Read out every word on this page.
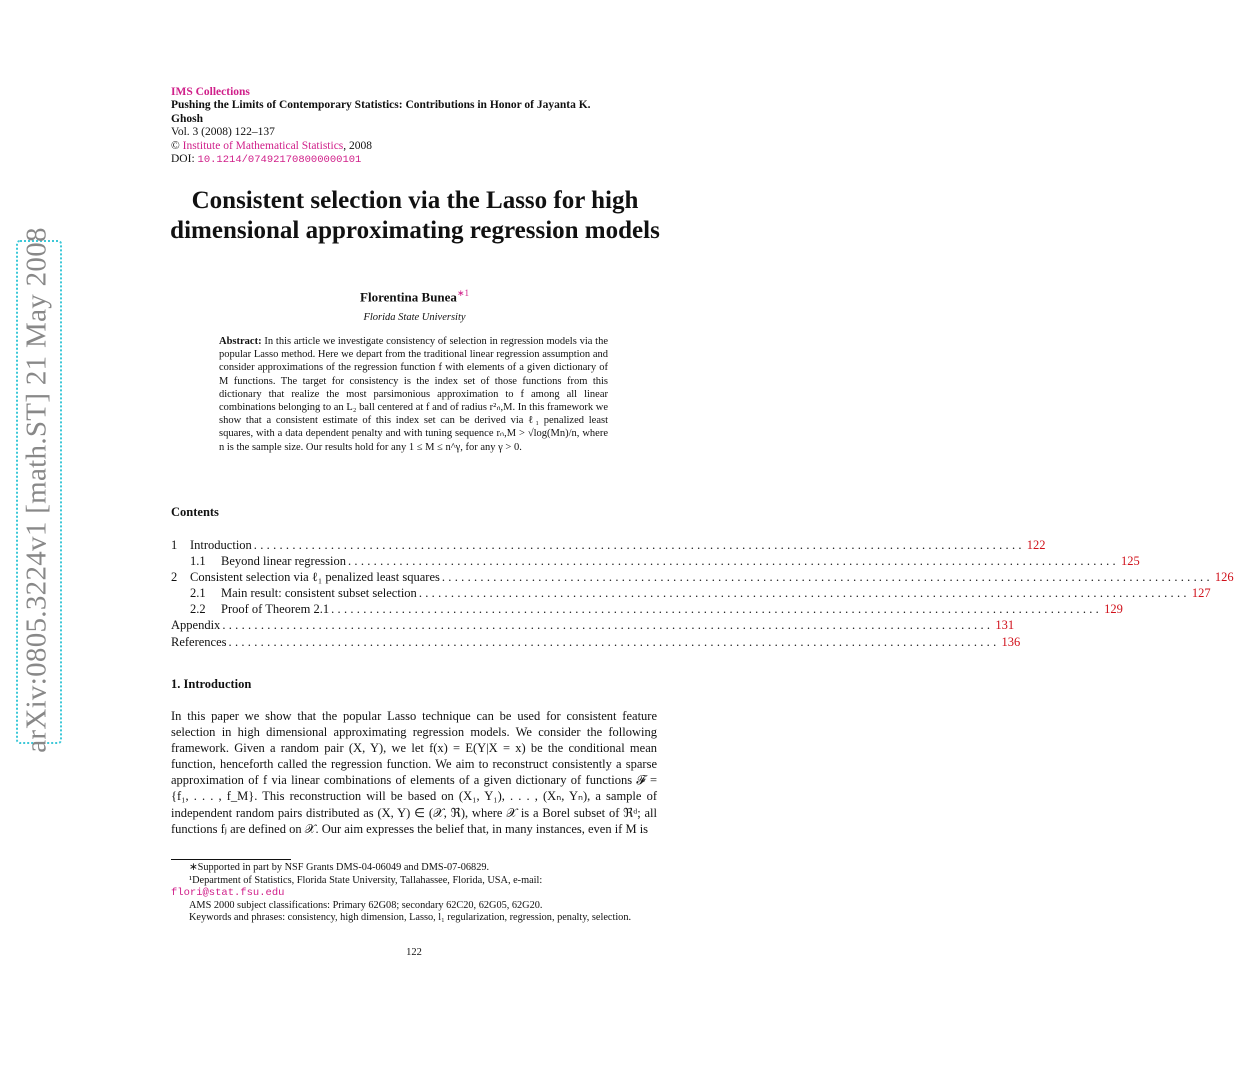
arXiv:0805.3224v1 [math.ST] 21 May 2008
IMS Collections
Pushing the Limits of Contemporary Statistics: Contributions in Honor of Jayanta K. Ghosh
Vol. 3 (2008) 122–137
© Institute of Mathematical Statistics, 2008
DOI: 10.1214/074921708000000101
Consistent selection via the Lasso for high dimensional approximating regression models
Florentina Bunea$^{∗1}$
Florida State University
Abstract: In this article we investigate consistency of selection in regression models via the popular Lasso method. Here we depart from the traditional linear regression assumption and consider approximations of the regression function f with elements of a given dictionary of M functions. The target for consistency is the index set of those functions from this dictionary that realize the most parsimonious approximation to f among all linear combinations belonging to an L₂ ball centered at f and of radius r²ₙ,M. In this framework we show that a consistent estimate of this index set can be derived via ℓ₁ penalized least squares, with a data dependent penalty and with tuning sequence rₙ,M > √log(Mn)/n, where n is the sample size. Our results hold for any 1 ≤ M ≤ n^γ, for any γ > 0.
Contents
1 Introduction ........................................................................................................................ 122
1.1 Beyond linear regression ........................................................................................................................ 125
2 Consistent selection via ℓ₁ penalized least squares ........................................................................................................................ 126
2.1 Main result: consistent subset selection ........................................................................................................................ 127
2.2 Proof of Theorem 2.1 ........................................................................................................................ 129
Appendix ........................................................................................................................ 131
References ........................................................................................................................ 136
1. Introduction
In this paper we show that the popular Lasso technique can be used for consistent feature selection in high dimensional approximating regression models. We consider the following framework. Given a random pair (X, Y), we let f(x) = E(Y|X = x) be the conditional mean function, henceforth called the regression function. We aim to reconstruct consistently a sparse approximation of f via linear combinations of elements of a given dictionary of functions 𝓕 = {f₁, . . . , f_M}. This reconstruction will be based on (X₁, Y₁), . . . , (Xₙ, Yₙ), a sample of independent random pairs distributed as (X, Y) ∈ (𝒳, ℜ), where 𝒳 is a Borel subset of ℜᵈ; all functions fⱼ are defined on 𝒳. Our aim expresses the belief that, in many instances, even if M is
∗Supported in part by NSF Grants DMS-04-06049 and DMS-07-06829.
¹Department of Statistics, Florida State University, Tallahassee, Florida, USA, e-mail:
flori@stat.fsu.edu
AMS 2000 subject classifications: Primary 62G08; secondary 62C20, 62G05, 62G20.
Keywords and phrases: consistency, high dimension, Lasso, l₁ regularization, regression, penalty, selection.
122
